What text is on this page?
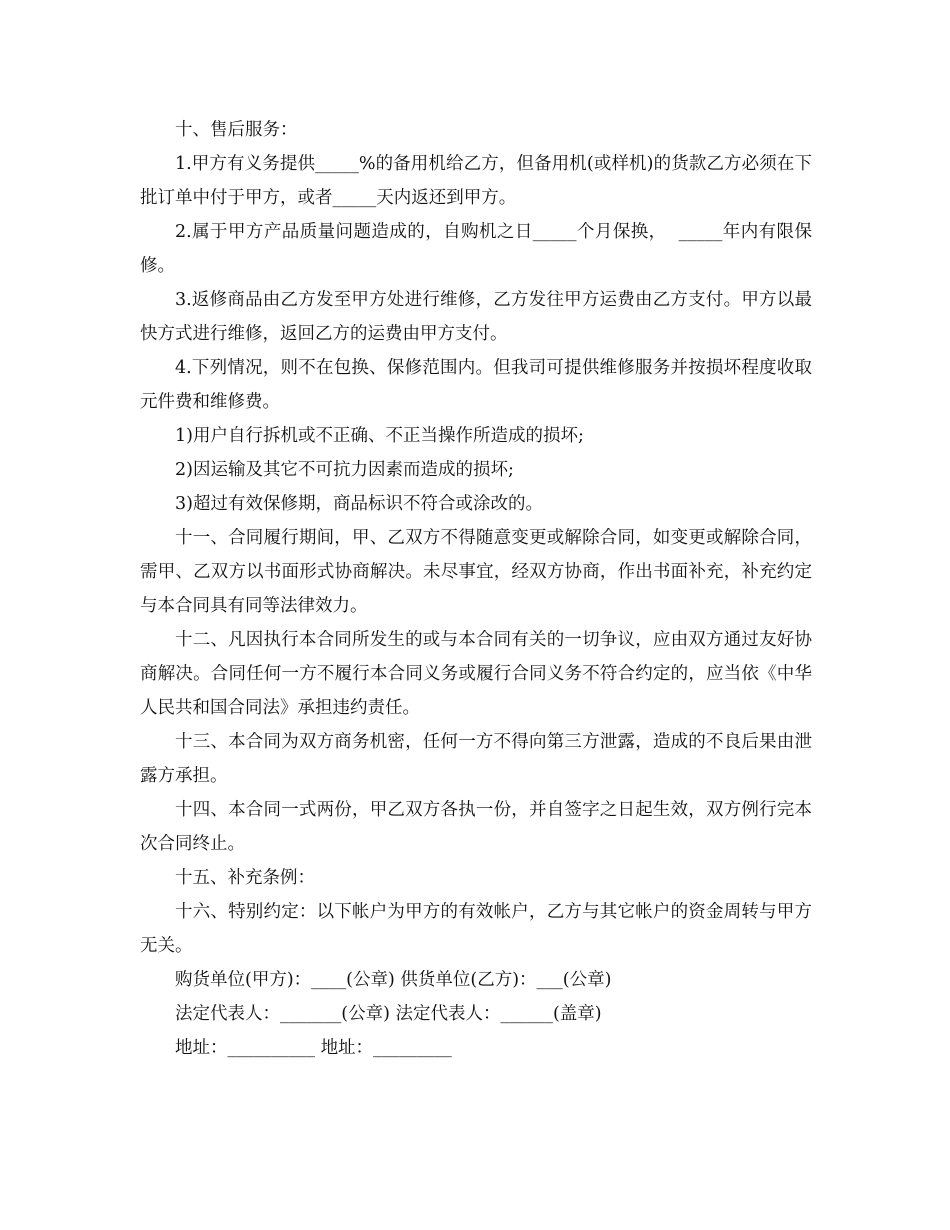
十、售后服务：

1.甲方有义务提供_____%的备用机给乙方，但备用机(或样机)的货款乙方必须在下批订单中付于甲方，或者_____天内返还到甲方。

2.属于甲方产品质量问题造成的，自购机之日_____个月保换，  _____年内有限保修。

3.返修商品由乙方发至甲方处进行维修，乙方发往甲方运费由乙方支付。甲方以最快方式进行维修，返回乙方的运费由甲方支付。

4.下列情况，则不在包换、保修范围内。但我司可提供维修服务并按损坏程度收取元件费和维修费。

1)用户自行拆机或不正确、不正当操作所造成的损坏;

2)因运输及其它不可抗力因素而造成的损坏;

3)超过有效保修期，商品标识不符合或涂改的。

十一、合同履行期间，甲、乙双方不得随意变更或解除合同，如变更或解除合同，需甲、乙双方以书面形式协商解决。未尽事宜，经双方协商，作出书面补充，补充约定与本合同具有同等法律效力。

十二、凡因执行本合同所发生的或与本合同有关的一切争议，应由双方通过友好协商解决。合同任何一方不履行本合同义务或履行合同义务不符合约定的，应当依《中华人民共和国合同法》承担违约责任。

十三、本合同为双方商务机密，任何一方不得向第三方泄露，造成的不良后果由泄露方承担。

十四、本合同一式两份，甲乙双方各执一份，并自签字之日起生效，双方例行完本次合同终止。

十五、补充条例：

十六、特别约定：以下帐户为甲方的有效帐户，乙方与其它帐户的资金周转与甲方无关。

购货单位(甲方)：____(公章) 供货单位(乙方)：___(公章)

法定代表人：_______(公章) 法定代表人：______(盖章)

地址：__________ 地址：_________
